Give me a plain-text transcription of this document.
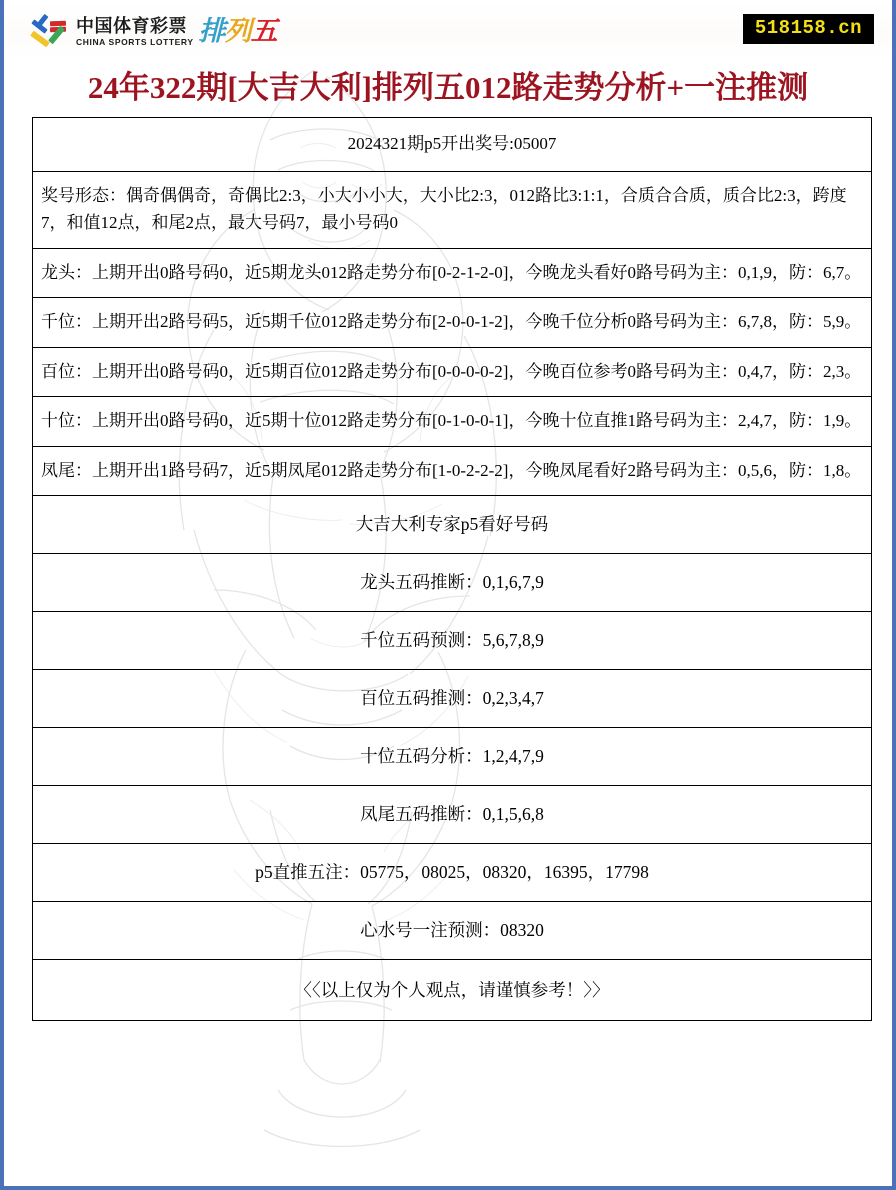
中国体育彩票
CHINA SPORTS LOTTERY 排列五	518158.cn
24年322期[大吉大利]排列五012路走势分析+一注推测
2024321期p5开出奖号:05007

奖号形态：偶奇偶偶奇，奇偶比2:3，小大小小大，大小比2:3，012路比3:1:1，合质合合质，质合比2:3，跨度7，和值12点，和尾2点，最大号码7，最小号码0

龙头：上期开出0路号码0，近5期龙头012路走势分布[0-2-1-2-0]，今晚龙头看好0路号码为主：0,1,9，防：6,7。

千位：上期开出2路号码5，近5期千位012路走势分布[2-0-0-1-2]，今晚千位分析0路号码为主：6,7,8，防：5,9。

百位：上期开出0路号码0，近5期百位012路走势分布[0-0-0-0-2]，今晚百位参考0路号码为主：0,4,7，防：2,3。

十位：上期开出0路号码0，近5期十位012路走势分布[0-1-0-0-1]，今晚十位直推1路号码为主：2,4,7，防：1,9。

凤尾：上期开出1路号码7，近5期凤尾012路走势分布[1-0-2-2-2]，今晚凤尾看好2路号码为主：0,5,6，防：1,8。

大吉大利专家p5看好号码

龙头五码推断：0,1,6,7,9

千位五码预测：5,6,7,8,9

百位五码推测：0,2,3,4,7

十位五码分析：1,2,4,7,9

凤尾五码推断：0,1,5,6,8

p5直推五注：05775，08025，08320，16395，17798

心水号一注预测：08320

〈〈以上仅为个人观点，请谨慎参考！〉〉
